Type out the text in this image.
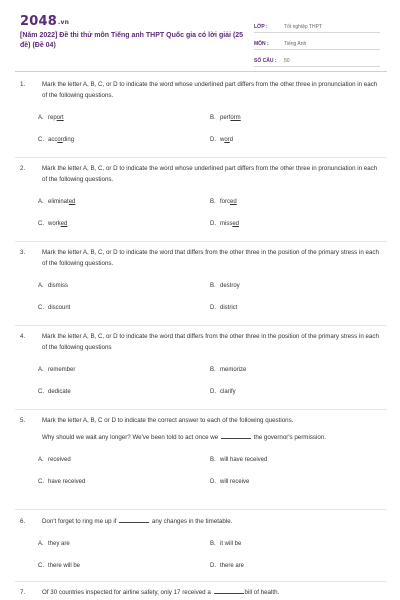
2048.vn
[Năm 2022] Đề thi thử môn Tiếng anh THPT Quốc gia có lời giải (25 đề) (Đề 04)
LỚP :	Tốt nghiệp THPT
MÔN :	Tiếng Anh
SỐ CÂU :	50
1.	Mark the letter A, B, C, or D to indicate the word whose underlined part differs from the other three in pronunciation in each of the following questions.
A. report	B. perform
C. according	D. word
2.	Mark the letter A, B, C, or D to indicate the word whose underlined part differs from the other three in pronunciation in each of the following questions.
A. eliminated	B. forced
C. worked	D. missed
3.	Mark the letter A, B, C, or D to indicate the word that differs from the other three in the position of the primary stress in each of the following questions.
A. dismiss	B. destroy
C. discount	D. district
4.	Mark the letter A, B, C, or D to indicate the word that differs from the other three in the position of the primary stress in each of the following questions
A. remember	B. memorize
C. dedicate	D. clarify
5.	Mark the letter A, B, C or D to indicate the correct answer to each of the following questions.
Why should we wait any longer? We've been told to act once we	the governor's permission.
A. received	B. will have received
C. have received	D. will receive
6.	Don't forget to ring me up if	any changes in the timetable.
A. they are	B. it will be
C. there will be	D. there are
7.	Of 30 countries inspected for airline safety, only 17 received a	bill of health.
